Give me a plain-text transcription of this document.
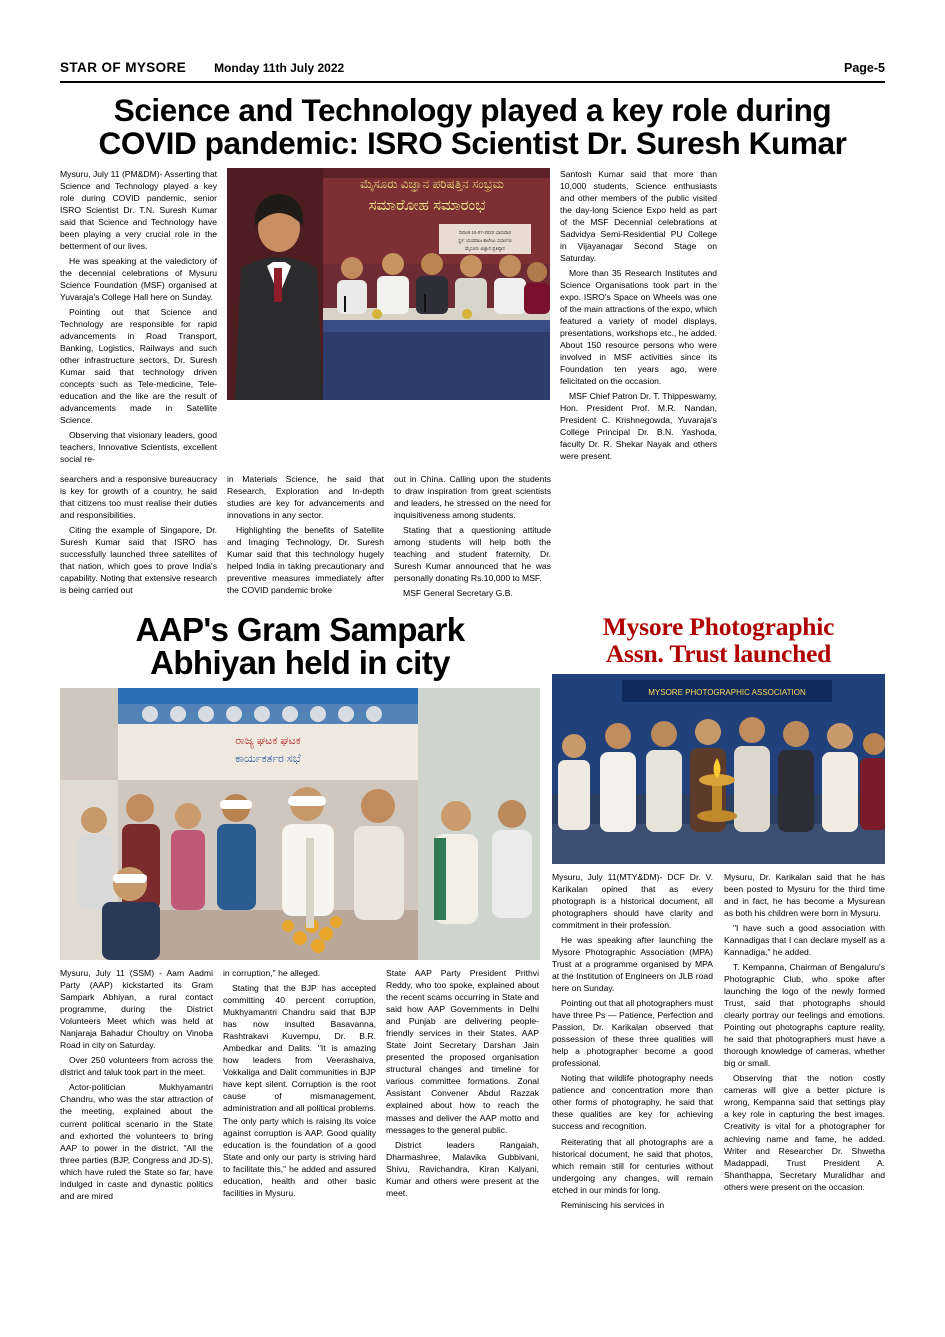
STAR OF MYSORE Monday 11th July 2022	Page-5
Science and Technology played a key role during
COVID pandemic: ISRO Scientist Dr. Suresh Kumar

Mysuru, July 11 (PM&DM)- Asserting that Science and Technology played a key role during COVID pandemic, senior ISRO Scientist Dr. T.N. Suresh Kumar said that Science and Technology have been playing a very crucial role in the betterment of our lives.

He was speaking at the valedictory of the decennial celebrations of Mysuru Science Foundation (MSF) organised at Yuvaraja's College Hall here on Sunday.

Pointing out that Science and Technology are responsible for rapid advancements in Road Transport, Banking, Logistics, Railways and such other infrastructure sectors, Dr. Suresh Kumar said that technology driven concepts such as Tele-medicine, Tele-education and the like are the result of advancements made in Satellite Science.

Observing that visionary leaders, good teachers, Innovative Scientists, excellent social re-

ಮೈಸೂರು ವಿಜ್ಞಾನ ಪರಿಷತ್ತಿನ ಸಂಭ್ರಮ
ಸಮಾರೋಹ ಸಮಾರಂಭ
ದಿನಾಂಕ 10-07-2022 ಭಾನುವಾರ
ಸ್ಥಳ: ಯುವರಾಜ ಕಾಲೇಜು ಸಭಾಂಗಣ
ಮೈಸೂರು ವಿಜ್ಞಾನ ಪ್ರತಿಷ್ಠಾನ

Santosh Kumar said that more than 10,000 students, Science enthusiasts and other members of the public visited the day-long Science Expo held as part of the MSF Decennial celebrations at Sadvidya Semi-Residential PU College in Vijayanagar Second Stage on Saturday.

More than 35 Research Institutes and Science Organisations took part in the expo. ISRO's Space on Wheels was one of the main attractions of the expo, which featured a variety of model displays, presentations, workshops etc., he added. About 150 resource persons who were involved in MSF activities since its Foundation ten years ago, were felicitated on the occasion.

MSF Chief Patron Dr. T. Thippeswamy, Hon. President Prof. M.R. Nandan, President C. Krishnegowda, Yuvaraja's College Principal Dr. B.N. Yashoda, faculty Dr. R. Shekar Nayak and others were present.

searchers and a responsive bureaucracy is key for growth of a country, he said that citizens too must realise their duties and responsibilities.

Citing the example of Singapore, Dr. Suresh Kumar said that ISRO has successfully launched three satellites of that nation, which goes to prove India's capability. Noting that extensive research is being carried out

in Materials Science, he said that Research, Exploration and In-depth studies are key for advancements and innovations in any sector.

Highlighting the benefits of Satellite and Imaging Technology, Dr. Suresh Kumar said that this technology hugely helped India in taking precautionary and preventive measures immediately after the COVID pandemic broke

out in China. Calling upon the students to draw inspiration from great scientists and leaders, he stressed on the need for inquisitiveness among students.

Stating that a questioning attitude among students will help both the teaching and student fraternity, Dr. Suresh Kumar announced that he was personally donating Rs.10,000 to MSF.

MSF General Secretary G.B.

AAP's Gram Sampark
Abhiyan held in city
ರಾಜ್ಯ ಘಟಕ ಘಟಕ
ಕಾರ್ಯಕರ್ತರ ಸಭೆ

Mysuru, July 11 (SSM) - Aam Aadmi Party (AAP) kickstarted its Gram Sampark Abhiyan, a rural contact programme, during the District Volunteers Meet which was held at Nanjaraja Bahadur Choultry on Vinoba Road in city on Saturday.

Over 250 volunteers from across the district and taluk took part in the meet.

Actor-politician Mukhyamantri Chandru, who was the star attraction of the meeting, explained about the current political scenario in the State and exhorted the volunteers to bring AAP to power in the district. "All the three parties (BJP, Congress and JD-S), which have ruled the State so far, have indulged in caste and dynastic politics and are mired

in corruption," he alleged.

Stating that the BJP has accepted committing 40 percent corruption, Mukhyamantri Chandru said that BJP has now insulted Basavanna, Rashtrakavi Kuvempu, Dr. B.R. Ambedkar and Dalits. "It is amazing how leaders from Veerashaiva, Vokkaliga and Dalit communities in BJP have kept silent. Corruption is the root cause of mismanagement, administration and all political problems. The only party which is raising its voice against corruption is AAP. Good quality education is the foundation of a good State and only our party is striving hard to facilitate this," he added and assured education, health and other basic facilities in Mysuru.

State AAP Party President Prithvi Reddy, who too spoke, explained about the recent scams occurring in State and said how AAP Governments in Delhi and Punjab are delivering people-friendly services in their States. AAP State Joint Secretary Darshan Jain presented the proposed organisation structural changes and timeline for various committee formations. Zonal Assistant Convener Abdul Razzak explained about how to reach the masses and deliver the AAP motto and messages to the general public.

District leaders Rangaiah, Dharmashree, Malavika Gubbivani, Shivu, Ravichandra, Kiran Kalyani, Kumar and others were present at the meet.

Mysore Photographic
Assn. Trust launched
MYSORE PHOTOGRAPHIC ASSOCIATION

Mysuru, July 11(MTY&DM)- DCF Dr. V. Karikalan opined that as every photograph is a historical document, all photographers should have clarity and commitment in their profession.

He was speaking after launching the Mysore Photographic Association (MPA) Trust at a programme organised by MPA at the Institution of Engineers on JLB road here on Sunday.

Pointing out that all photographers must have three Ps — Patience, Perfection and Passion, Dr. Karikalan observed that possession of these three qualities will help a photographer become a good professional.

Noting that wildlife photography needs patience and concentration more than other forms of photography, he said that these qualities are key for achieving success and recognition.

Reiterating that all photographs are a historical document, he said that photos, which remain still for centuries without undergoing any changes, will remain etched in our minds for long.

Reminiscing his services in

Mysuru, Dr. Karikalan said that he has been posted to Mysuru for the third time and in fact, he has become a Mysurean as both his children were born in Mysuru.

"I have such a good association with Kannadigas that I can declare myself as a Kannadiga," he added.

T. Kempanna, Chairman of Bengaluru's Photographic Club, who spoke after launching the logo of the newly formed Trust, said that photographs should clearly portray our feelings and emotions. Pointing out photographs capture reality, he said that photographers must have a thorough knowledge of cameras, whether big or small.

Observing that the notion costly cameras will give a better picture is wrong, Kempanna said that settings play a key role in capturing the best images. Creativity is vital for a photographer for achieving name and fame, he added. Writer and Researcher Dr. Shwetha Madappadi, Trust President A. Shanthappa, Secretary Muralidhar and others were present on the occasion.
